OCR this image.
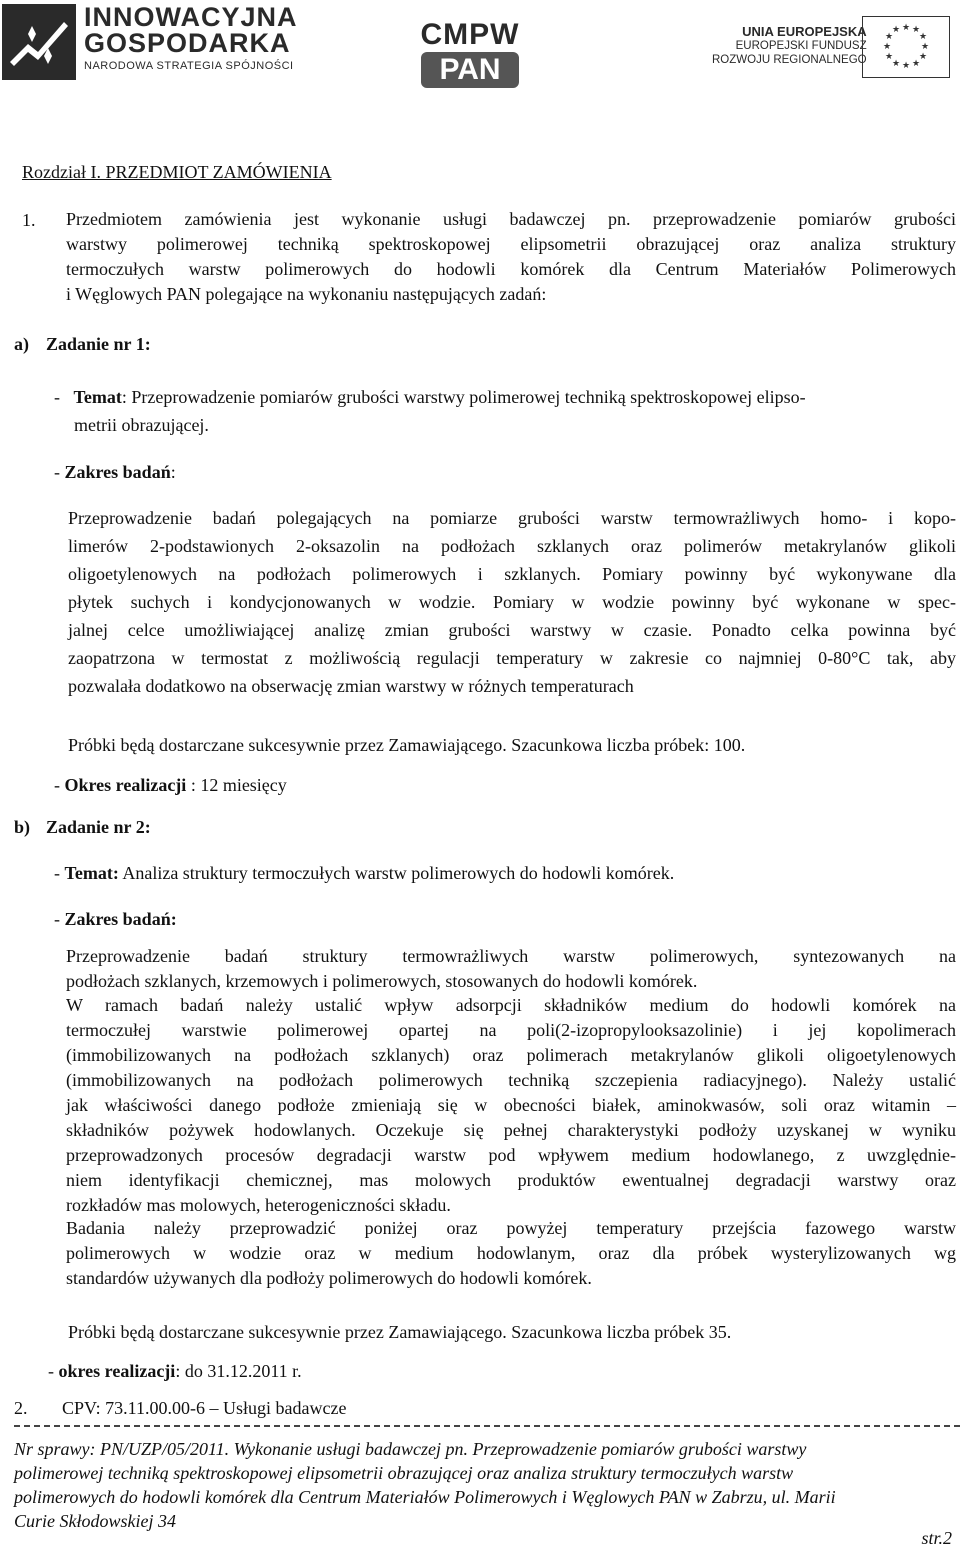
INNOWACYJNA
GOSPODARKA
NARODOWA STRATEGIA SPÓJNOŚCI
CMPW
PAN
UNIA EUROPEJSKA
EUROPEJSKI FUNDUSZ
ROZWOJU REGIONALNEGO
★ ★
★
★
★
★
★
★
★
★
★
★
Rozdział I. PRZEDMIOT ZAMÓWIENIA
1. Przedmiotem zamówienia jest wykonanie usługi badawczej pn. przeprowadzenie pomiarów grubości
warstwy polimerowej techniką spektroskopowej elipsometrii obrazującej oraz analiza struktury
termoczułych warstw polimerowych do hodowli komórek dla Centrum Materiałów Polimerowych
i Węglowych PAN polegające na wykonaniu następujących zadań:
a) Zadanie nr 1:
-   Temat: Przeprowadzenie pomiarów grubości warstwy polimerowej techniką spektroskopowej elipso-
metrii obrazującej.
- Zakres badań:
Przeprowadzenie badań polegających na pomiarze grubości warstw termowrażliwych homo- i kopo-
limerów 2-podstawionych 2-oksazolin na podłożach szklanych oraz polimerów metakrylanów glikoli
oligoetylenowych na podłożach polimerowych i szklanych. Pomiary powinny być wykonywane dla
płytek suchych i kondycjonowanych w wodzie. Pomiary w wodzie powinny być wykonane w spec-
jalnej celce umożliwiającej analizę zmian grubości warstwy w czasie. Ponadto celka powinna być
zaopatrzona w termostat z możliwością regulacji temperatury w zakresie co najmniej 0-80°C tak, aby
pozwalała dodatkowo na obserwację zmian warstwy w różnych temperaturach
Próbki będą dostarczane sukcesywnie przez Zamawiającego. Szacunkowa liczba próbek: 100.
- Okres realizacji : 12 miesięcy
b) Zadanie nr 2:
- Temat: Analiza struktury termoczułych warstw polimerowych do hodowli komórek.
- Zakres badań:
Przeprowadzenie badań struktury termowrażliwych warstw polimerowych, syntezowanych na
podłożach szklanych, krzemowych i polimerowych, stosowanych do hodowli komórek.
W ramach badań należy ustalić wpływ adsorpcji składników medium do hodowli komórek na
termoczułej warstwie polimerowej opartej na poli(2-izopropylooksazolinie) i jej kopolimerach
(immobilizowanych na podłożach szklanych) oraz polimerach metakrylanów glikoli oligoetylenowych
(immobilizowanych na podłożach polimerowych techniką szczepienia radiacyjnego). Należy ustalić
jak właściwości danego podłoże zmieniają się w obecności białek, aminokwasów, soli oraz witamin –
składników pożywek hodowlanych. Oczekuje się pełnej charakterystyki podłoży uzyskanej w wyniku
przeprowadzonych procesów degradacji warstw pod wpływem medium hodowlanego, z uwzględnie-
niem identyfikacji chemicznej, mas molowych produktów ewentualnej degradacji warstwy oraz
rozkładów mas molowych, heterogeniczności składu.
Badania należy przeprowadzić poniżej oraz powyżej temperatury przejścia fazowego warstw
polimerowych w wodzie oraz w medium hodowlanym, oraz dla próbek wysterylizowanych wg
standardów używanych dla podłoży polimerowych do hodowli komórek.
Próbki będą dostarczane sukcesywnie przez Zamawiającego. Szacunkowa liczba próbek 35.
- okres realizacji: do 31.12.2011 r.
2. CPV: 73.11.00.00-6 – Usługi badawcze
Nr sprawy: PN/UZP/05/2011. Wykonanie usługi badawczej pn. Przeprowadzenie pomiarów grubości warstwy
polimerowej techniką spektroskopowej elipsometrii obrazującej oraz analiza struktury termoczułych warstw
polimerowych do hodowli komórek dla Centrum Materiałów Polimerowych i Węglowych PAN w Zabrzu, ul. Marii
Curie Skłodowskiej 34
str.2
